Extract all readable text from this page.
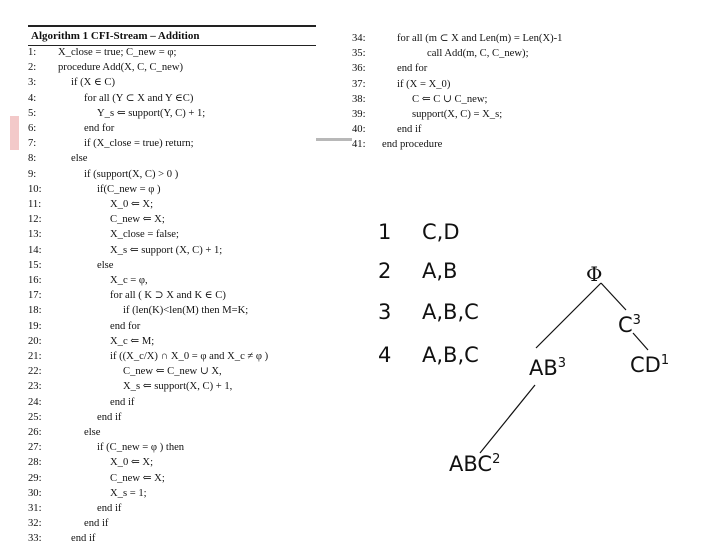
Algorithm 1 CFI-Stream – Addition
1: X_close = true; C_new = φ;
2: procedure Add(X, C, C_new)
3:	if (X ∈ C)
4:	for all (Y ⊂ X and Y ∈C)
5:	Y_s ⇐ support(Y, C) + 1;
6:	end for
7:	if (X_close = true) return;
8:	else
9:	if (support(X, C) > 0 )
10:	if(C_new = φ )
11:	X_0 ⇐ X;
12:	C_new ⇐ X;
13:	X_close = false;
14:	X_s ⇐ support (X, C) + 1;
15:	else
16:	X_c = φ,
17:	for all ( K ⊃ X and K ∈ C)
18:	if (len(K)<len(M) then M=K;
19:	end for
20:	X_c ⇐ M;
21:	if ((X_c/X) ∩ X_0 = φ and X_c ≠ φ )
22:	C_new ⇐ C_new ∪ X,
23:	X_s ⇐ support(X, C) + 1,
24:	end if
25:	end if
26:	else
27:	if (C_new = φ ) then
28:	X_0 ⇐ X;
29:	C_new ⇐ X;
30:	X_s = 1;
31:	end if
32:	end if
33:	end if
34:	for all (m ⊂ X and Len(m) = Len(X)-1
35:	call Add(m, C, C_new);
36:	end for
37:	if (X = X_0)
38:	C ⇐ C ∪ C_new;
39:	support(X, C) = X_s;
40:	end if
41: end procedure
1 C,D
2 A,B
3 A,B,C
4 A,B,C
Φ
$C^3$
$AB^3$	$CD^1$
ABC$^2$
